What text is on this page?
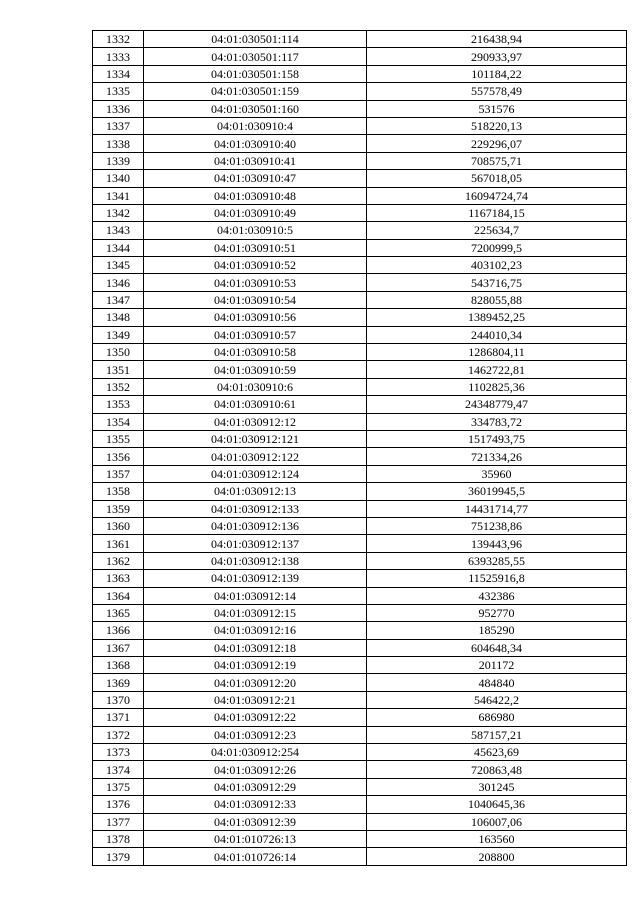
1332	04:01:030501:114	216438,94
1333	04:01:030501:117	290933,97
1334	04:01:030501:158	101184,22
1335	04:01:030501:159	557578,49
1336	04:01:030501:160	531576
1337	04:01:030910:4	518220,13
1338	04:01:030910:40	229296,07
1339	04:01:030910:41	708575,71
1340	04:01:030910:47	567018,05
1341	04:01:030910:48	16094724,74
1342	04:01:030910:49	1167184,15
1343	04:01:030910:5	225634,7
1344	04:01:030910:51	7200999,5
1345	04:01:030910:52	403102,23
1346	04:01:030910:53	543716,75
1347	04:01:030910:54	828055,88
1348	04:01:030910:56	1389452,25
1349	04:01:030910:57	244010,34
1350	04:01:030910:58	1286804,11
1351	04:01:030910:59	1462722,81
1352	04:01:030910:6	1102825,36
1353	04:01:030910:61	24348779,47
1354	04:01:030912:12	334783,72
1355	04:01:030912:121	1517493,75
1356	04:01:030912:122	721334,26
1357	04:01:030912:124	35960
1358	04:01:030912:13	36019945,5
1359	04:01:030912:133	14431714,77
1360	04:01:030912:136	751238,86
1361	04:01:030912:137	139443,96
1362	04:01:030912:138	6393285,55
1363	04:01:030912:139	11525916,8
1364	04:01:030912:14	432386
1365	04:01:030912:15	952770
1366	04:01:030912:16	185290
1367	04:01:030912:18	604648,34
1368	04:01:030912:19	201172
1369	04:01:030912:20	484840
1370	04:01:030912:21	546422,2
1371	04:01:030912:22	686980
1372	04:01:030912:23	587157,21
1373	04:01:030912:254	45623,69
1374	04:01:030912:26	720863,48
1375	04:01:030912:29	301245
1376	04:01:030912:33	1040645,36
1377	04:01:030912:39	106007,06
1378	04:01:010726:13	163560
1379	04:01:010726:14	208800
